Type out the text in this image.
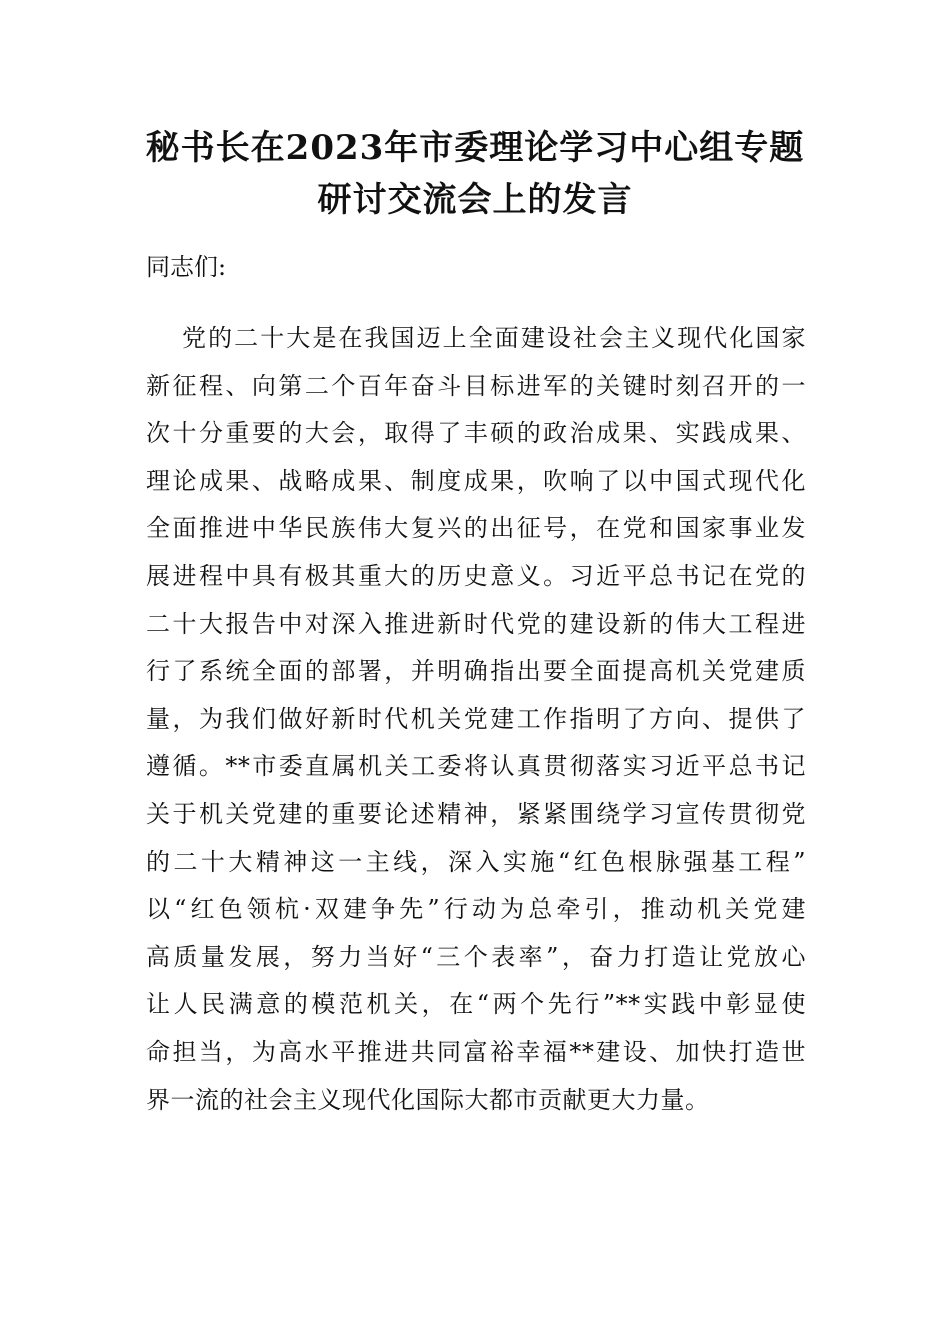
秘书长在2023年市委理论学习中心组专题
研讨交流会上的发言

同志们:

党的二十大是在我国迈上全面建设社会主义现代化国家
新征程、向第二个百年奋斗目标进军的关键时刻召开的一
次十分重要的大会，取得了丰硕的政治成果、实践成果、
理论成果、战略成果、制度成果，吹响了以中国式现代化
全面推进中华民族伟大复兴的出征号，在党和国家事业发
展进程中具有极其重大的历史意义。习近平总书记在党的
二十大报告中对深入推进新时代党的建设新的伟大工程进
行了系统全面的部署，并明确指出要全面提高机关党建质
量，为我们做好新时代机关党建工作指明了方向、提供了
遵循。**市委直属机关工委将认真贯彻落实习近平总书记
关于机关党建的重要论述精神，紧紧围绕学习宣传贯彻党
的二十大精神这一主线，深入实施“红色根脉强基工程”
以“红色领杭·双建争先”行动为总牵引，推动机关党建
高质量发展，努力当好“三个表率”，奋力打造让党放心
让人民满意的模范机关，在“两个先行”**实践中彰显使
命担当，为高水平推进共同富裕幸福**建设、加快打造世
界一流的社会主义现代化国际大都市贡献更大力量。
